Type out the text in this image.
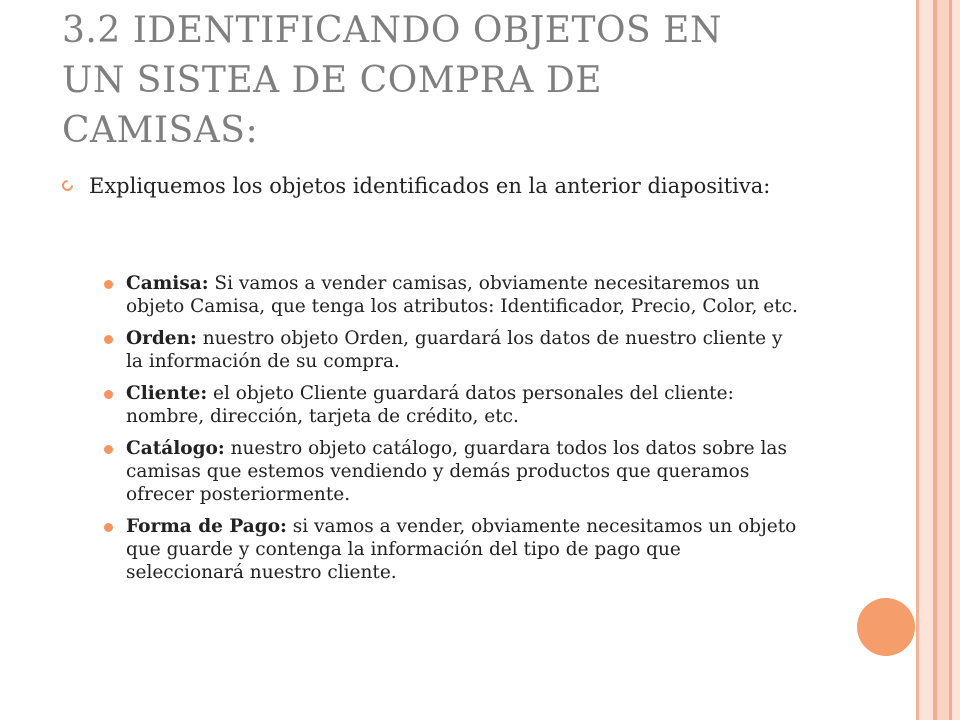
3.2 IDENTIFICANDO OBJETOS EN
UN SISTEA DE COMPRA DE
CAMISAS:
Expliquemos los objetos identificados en la anterior diapositiva:
Camisa: Si vamos a vender camisas, obviamente necesitaremos un objeto Camisa, que tenga los atributos: Identificador, Precio, Color, etc.
Orden: nuestro objeto Orden, guardará los datos de nuestro cliente y la información de su compra.
Cliente: el objeto Cliente guardará datos personales del cliente: nombre, dirección, tarjeta de crédito, etc.
Catálogo: nuestro objeto catálogo, guardara todos los datos sobre las camisas que estemos vendiendo y demás productos que queramos ofrecer posteriormente.
Forma de Pago: si vamos a vender, obviamente necesitamos un objeto que guarde y contenga la información del tipo de pago que seleccionará nuestro cliente.
